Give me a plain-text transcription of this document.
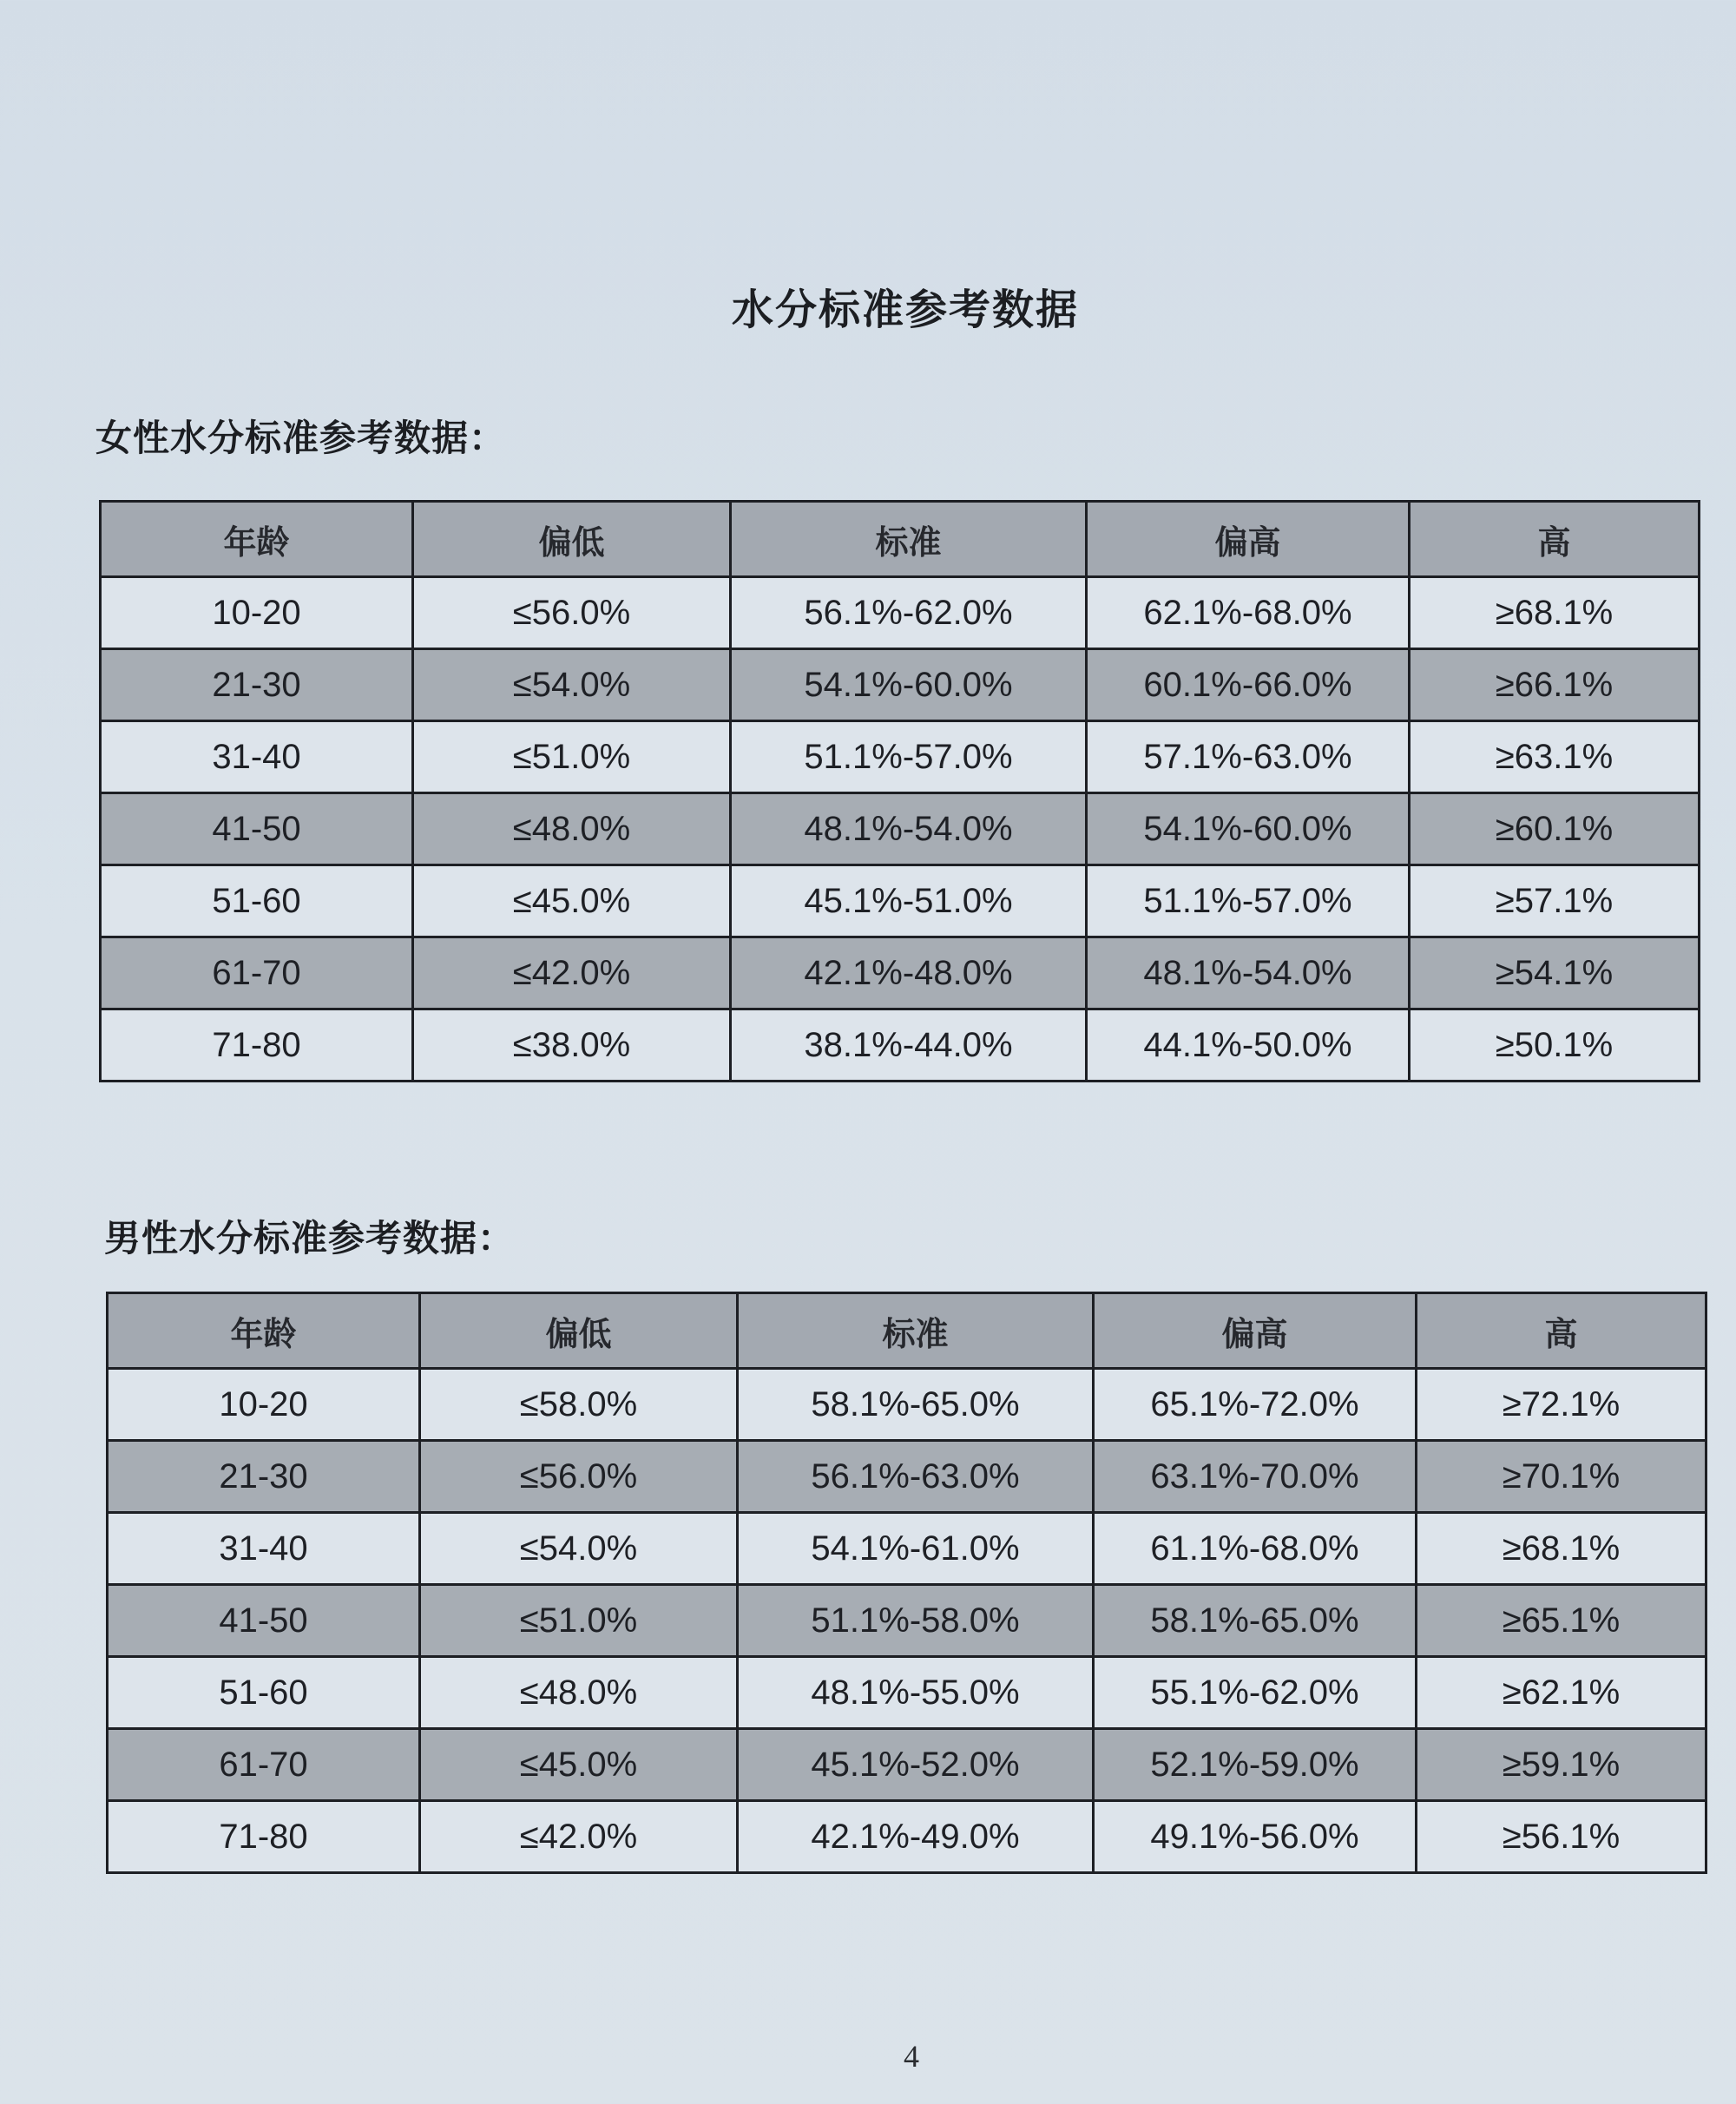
水分标准参考数据
女性水分标准参考数据：
年龄	偏低	标准	偏高	高
10-20	≤56.0%	56.1%-62.0%	62.1%-68.0%	≥68.1%
21-30	≤54.0%	54.1%-60.0%	60.1%-66.0%	≥66.1%
31-40	≤51.0%	51.1%-57.0%	57.1%-63.0%	≥63.1%
41-50	≤48.0%	48.1%-54.0%	54.1%-60.0%	≥60.1%
51-60	≤45.0%	45.1%-51.0%	51.1%-57.0%	≥57.1%
61-70	≤42.0%	42.1%-48.0%	48.1%-54.0%	≥54.1%
71-80	≤38.0%	38.1%-44.0%	44.1%-50.0%	≥50.1%
男性水分标准参考数据：
年龄	偏低	标准	偏高	高
10-20	≤58.0%	58.1%-65.0%	65.1%-72.0%	≥72.1%
21-30	≤56.0%	56.1%-63.0%	63.1%-70.0%	≥70.1%
31-40	≤54.0%	54.1%-61.0%	61.1%-68.0%	≥68.1%
41-50	≤51.0%	51.1%-58.0%	58.1%-65.0%	≥65.1%
51-60	≤48.0%	48.1%-55.0%	55.1%-62.0%	≥62.1%
61-70	≤45.0%	45.1%-52.0%	52.1%-59.0%	≥59.1%
71-80	≤42.0%	42.1%-49.0%	49.1%-56.0%	≥56.1%

4
